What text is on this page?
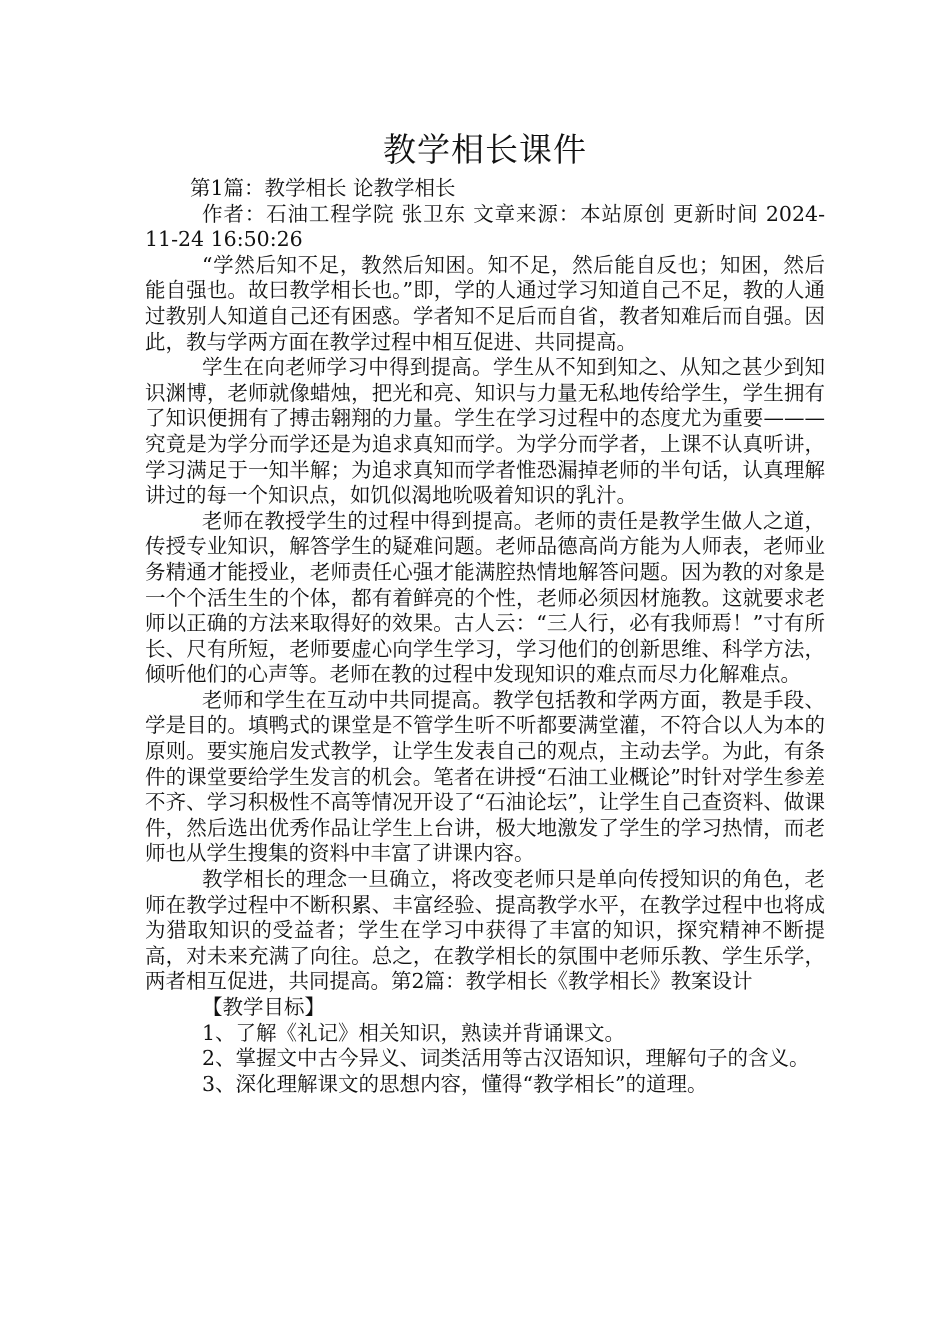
教学相长课件

第1篇：教学相长 论教学相长

作者：石油工程学院 张卫东 文章来源：本站原创 更新时间 2024-11-24 16:50:26

“学然后知不足，教然后知困。知不足，然后能自反也；知困，然后能自强也。故曰教学相长也。”即，学的人通过学习知道自己不足，教的人通过教别人知道自己还有困惑。学者知不足后而自省，教者知难后而自强。因此，教与学两方面在教学过程中相互促进、共同提高。

学生在向老师学习中得到提高。学生从不知到知之、从知之甚少到知识渊博，老师就像蜡烛，把光和亮、知识与力量无私地传给学生，学生拥有了知识便拥有了搏击翱翔的力量。学生在学习过程中的态度尤为重要———究竟是为学分而学还是为追求真知而学。为学分而学者，上课不认真听讲，学习满足于一知半解；为追求真知而学者惟恐漏掉老师的半句话，认真理解讲过的每一个知识点，如饥似渴地吮吸着知识的乳汁。

老师在教授学生的过程中得到提高。老师的责任是教学生做人之道，传授专业知识，解答学生的疑难问题。老师品德高尚方能为人师表，老师业务精通才能授业，老师责任心强才能满腔热情地解答问题。因为教的对象是一个个活生生的个体，都有着鲜亮的个性，老师必须因材施教。这就要求老师以正确的方法来取得好的效果。古人云：“三人行，必有我师焉！”寸有所长、尺有所短，老师要虚心向学生学习，学习他们的创新思维、科学方法，倾听他们的心声等。老师在教的过程中发现知识的难点而尽力化解难点。

老师和学生在互动中共同提高。教学包括教和学两方面，教是手段、学是目的。填鸭式的课堂是不管学生听不听都要满堂灌，不符合以人为本的原则。要实施启发式教学，让学生发表自己的观点，主动去学。为此，有条件的课堂要给学生发言的机会。笔者在讲授“石油工业概论”时针对学生参差不齐、学习积极性不高等情况开设了“石油论坛”，让学生自己查资料、做课件，然后选出优秀作品让学生上台讲，极大地激发了学生的学习热情，而老师也从学生搜集的资料中丰富了讲课内容。

教学相长的理念一旦确立，将改变老师只是单向传授知识的角色，老师在教学过程中不断积累、丰富经验、提高教学水平，在教学过程中也将成为猎取知识的受益者；学生在学习中获得了丰富的知识，探究精神不断提高，对未来充满了向往。总之，在教学相长的氛围中老师乐教、学生乐学，两者相互促进，共同提高。第2篇：教学相长《教学相长》教案设计

【教学目标】

1、了解《礼记》相关知识，熟读并背诵课文。

2、掌握文中古今异义、词类活用等古汉语知识，理解句子的含义。

3、深化理解课文的思想内容，懂得“教学相长”的道理。
